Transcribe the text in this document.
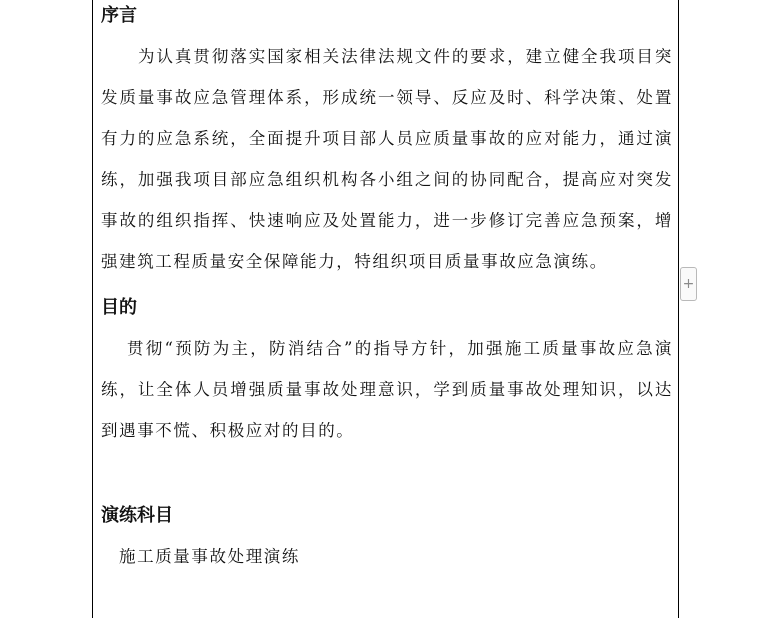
序言

为认真贯彻落实国家相关法律法规文件的要求，建立健全我项目突发质量事故应急管理体系，形成统一领导、反应及时、科学决策、处置有力的应急系统，全面提升项目部人员应质量事故的应对能力，通过演练，加强我项目部应急组织机构各小组之间的协同配合，提高应对突发事故的组织指挥、快速响应及处置能力，进一步修订完善应急预案，增强建筑工程质量安全保障能力，特组织项目质量事故应急演练。

目的

贯彻“预防为主，防消结合”的指导方针，加强施工质量事故应急演练，让全体人员增强质量事故处理意识，学到质量事故处理知识，以达到遇事不慌、积极应对的目的。

演练科目

施工质量事故处理演练

+
